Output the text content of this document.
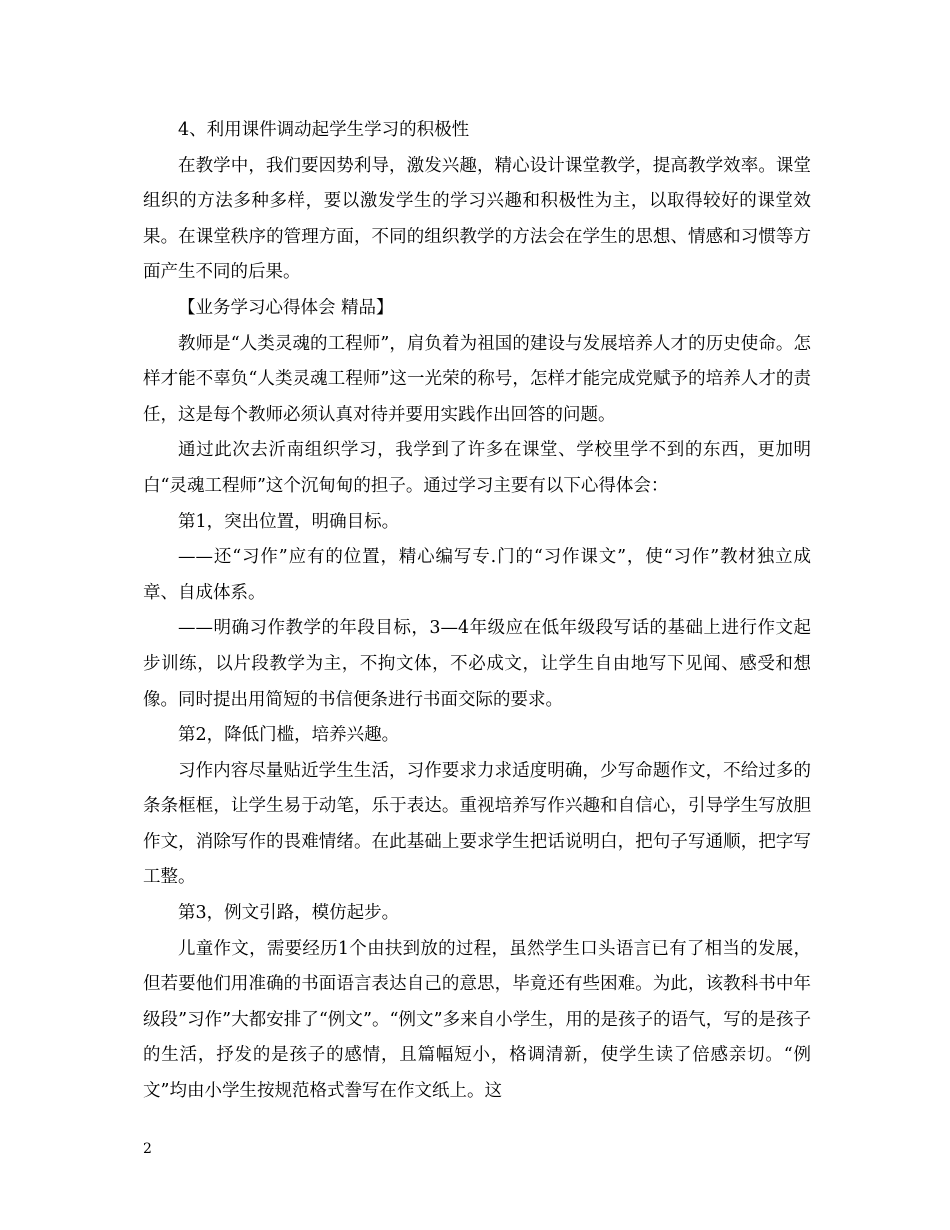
4、利用课件调动起学生学习的积极性

在教学中，我们要因势利导，激发兴趣，精心设计课堂教学，提高教学效率。课堂组织的方法多种多样，要以激发学生的学习兴趣和积极性为主，以取得较好的课堂效果。在课堂秩序的管理方面，不同的组织教学的方法会在学生的思想、情感和习惯等方面产生不同的后果。

【业务学习心得体会 精品】

教师是“人类灵魂的工程师”，肩负着为祖国的建设与发展培养人才的历史使命。怎样才能不辜负“人类灵魂工程师”这一光荣的称号，怎样才能完成党赋予的培养人才的责任，这是每个教师必须认真对待并要用实践作出回答的问题。

通过此次去沂南组织学习，我学到了许多在课堂、学校里学不到的东西，更加明白“灵魂工程师”这个沉甸甸的担子。通过学习主要有以下心得体会：

第1，突出位置，明确目标。

——还“习作”应有的位置，精心编写专.门的“习作课文”，使“习作”教材独立成章、自成体系。

——明确习作教学的年段目标，3—4年级应在低年级段写话的基础上进行作文起步训练，以片段教学为主，不拘文体，不必成文，让学生自由地写下见闻、感受和想像。同时提出用简短的书信便条进行书面交际的要求。

第2，降低门槛，培养兴趣。

习作内容尽量贴近学生生活，习作要求力求适度明确，少写命题作文，不给过多的条条框框，让学生易于动笔，乐于表达。重视培养写作兴趣和自信心，引导学生写放胆作文，消除写作的畏难情绪。在此基础上要求学生把话说明白，把句子写通顺，把字写工整。

第3，例文引路，模仿起步。

儿童作文，需要经历1个由扶到放的过程，虽然学生口头语言已有了相当的发展，但若要他们用准确的书面语言表达自己的意思，毕竟还有些困难。为此，该教科书中年级段”习作”大都安排了“例文”。“例文”多来自小学生，用的是孩子的语气，写的是孩子的生活，抒发的是孩子的感情，且篇幅短小，格调清新，使学生读了倍感亲切。“例文”均由小学生按规范格式誊写在作文纸上。这

2
